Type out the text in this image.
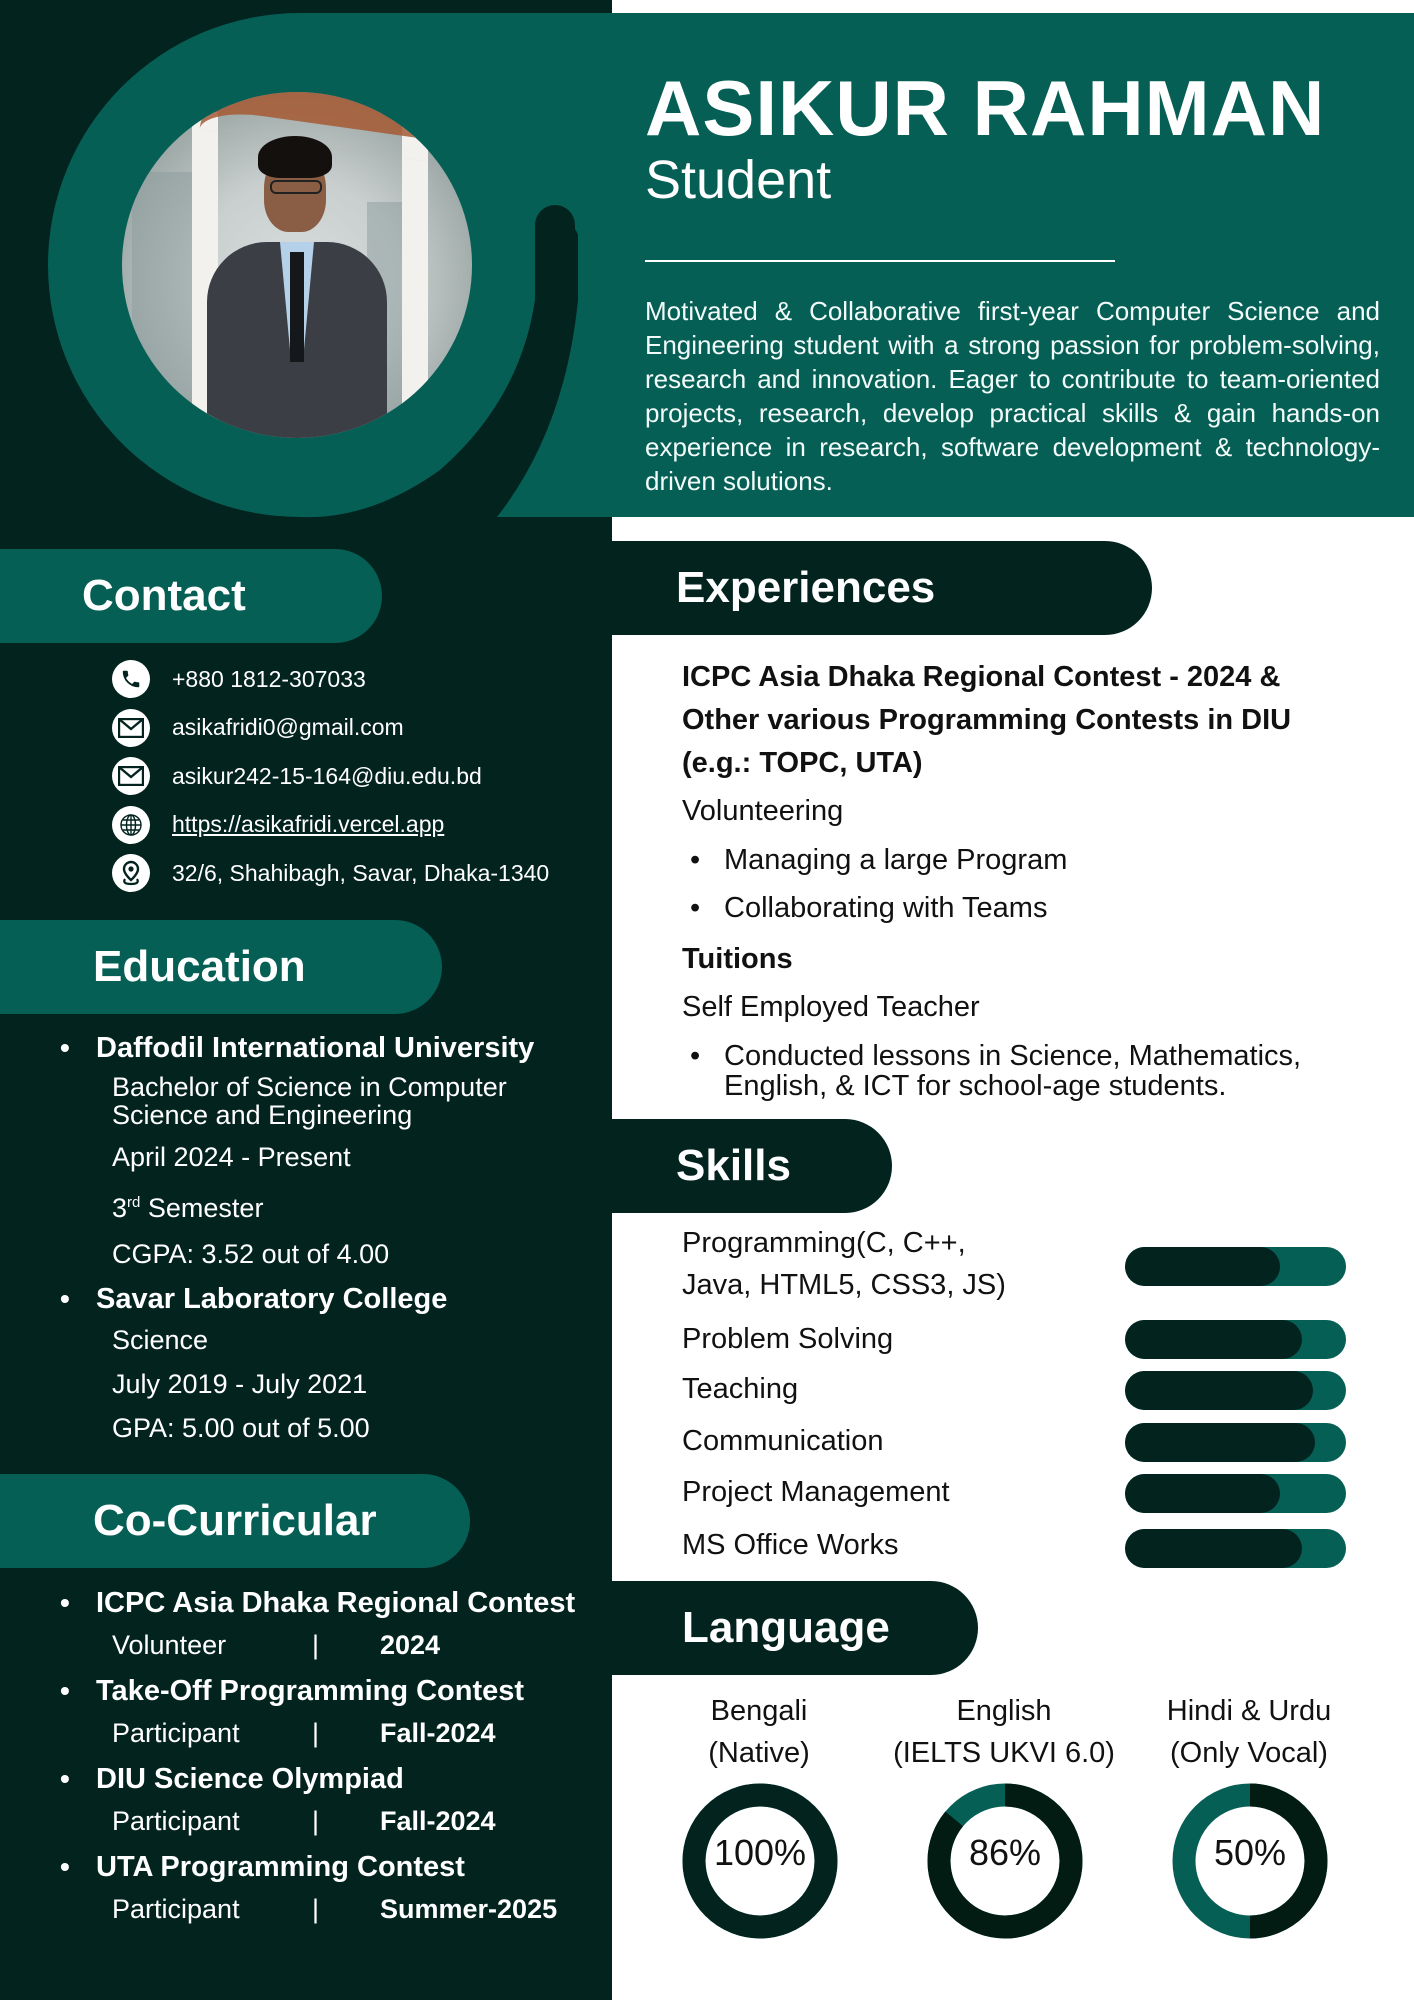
ASIKUR RAHMAN
Student
Motivated & Collaborative first-year Computer Science and Engineering student with a strong passion for problem-solving, research and innovation. Eager to contribute to team-oriented projects, research, develop practical skills & gain hands-on experience in research, software development & technology-driven solutions.
Contact
+880 1812-307033
asikafridi0@gmail.com
asikur242-15-164@diu.edu.bd
https://asikafridi.vercel.app
32/6, Shahibagh, Savar, Dhaka-1340
Education
• Daffodil International University
Bachelor of Science in Computer
Science and Engineering
April 2024 - Present
3rd Semester
CGPA: 3.52 out of 4.00
• Savar Laboratory College
Science
July 2019 - July 2021
GPA: 5.00 out of 5.00
Co-Curricular
• ICPC Asia Dhaka Regional Contest
Volunteer	|	2024
• Take-Off Programming Contest
Participant	|	Fall-2024
• DIU Science Olympiad
Participant	|	Fall-2024
• UTA Programming Contest
Participant	|	Summer-2025
Experiences
ICPC Asia Dhaka Regional Contest - 2024 &
Other various Programming Contests in DIU
(e.g.: TOPC, UTA)
Volunteering
• Managing a large Program
• Collaborating with Teams
Tuitions
Self Employed Teacher
• Conducted lessons in Science, Mathematics,
English, & ICT for school-age students.
Skills
Programming(C, C++,
Java, HTML5, CSS3, JS)
Problem Solving
Teaching
Communication
Project Management
MS Office Works
Language
Bengali
(Native)
English
(IELTS UKVI 6.0)
Hindi & Urdu
(Only Vocal)
100%	86%	50%
